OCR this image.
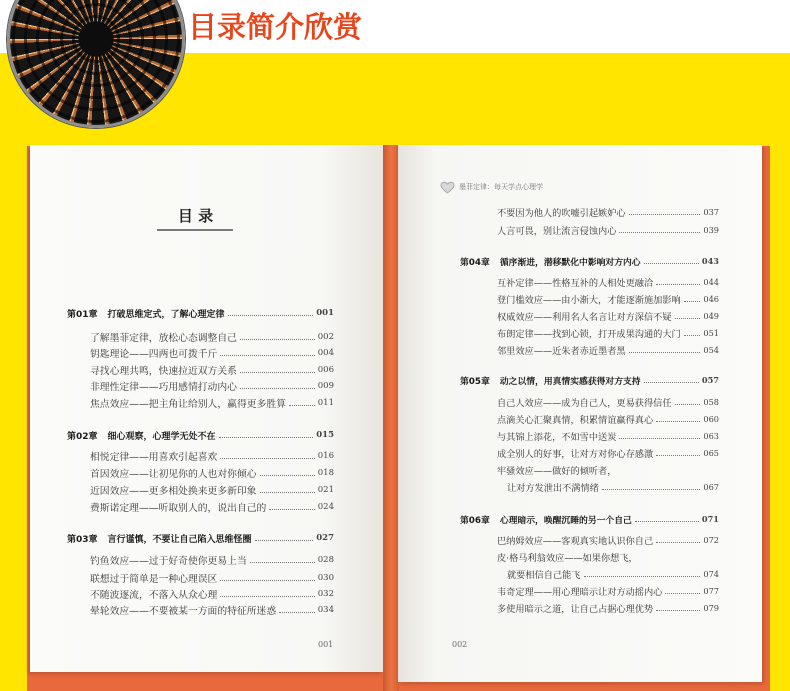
目录简介欣赏
目 录
第01章 打破思维定式，了解心理定律	001
了解墨菲定律，放松心态调整自己	002
钥匙理论——四两也可拨千斤	004
寻找心理共鸣，快速拉近双方关系	006
非理性定律——巧用感情打动内心	009
焦点效应——把主角让给别人，赢得更多胜算	011
第02章 细心观察，心理学无处不在	015
相悦定律——用喜欢引起喜欢	016
首因效应——让初见你的人也对你倾心	018
近因效应——更多相处换来更多新印象	021
费斯诺定理——听取别人的，说出自己的	024
第03章 言行谨慎，不要让自己陷入思维怪圈	027
钓鱼效应——过于好奇使你更易上当	028
联想过于简单是一种心理误区	030
不随波逐流，不落入从众心理	032
晕轮效应——不要被某一方面的特征所迷惑	034
001
墨菲定律：每天学点心理学
不要因为他人的吹嘘引起嫉妒心	037
人言可畏，别让流言侵蚀内心	039
第04章 循序渐进，潜移默化中影响对方内心	043
互补定律——性格互补的人相处更融洽	044
登门槛效应——由小渐大，才能逐渐施加影响	046
权威效应——利用名人名言让对方深信不疑	049
布朗定律——找到心锁，打开成果沟通的大门	051
邻里效应——近朱者赤近墨者黑	054
第05章 动之以情，用真情实感获得对方支持	057
自己人效应——成为自己人，更易获得信任	058
点滴关心汇聚真情，积累情谊赢得真心	060
与其锦上添花，不如雪中送炭	063
成全别人的好事，让对方对你心存感激	065
牢骚效应——做好的倾听者，
让对方发泄出不满情绪	067
第06章 心理暗示，唤醒沉睡的另一个自己	071
巴纳姆效应——客观真实地认识你自己	072
皮·格马利翁效应——如果你想飞，
就要相信自己能飞	074
韦奇定理——用心理暗示让对方动摇内心	077
多使用暗示之道，让自己占据心理优势	079
002
